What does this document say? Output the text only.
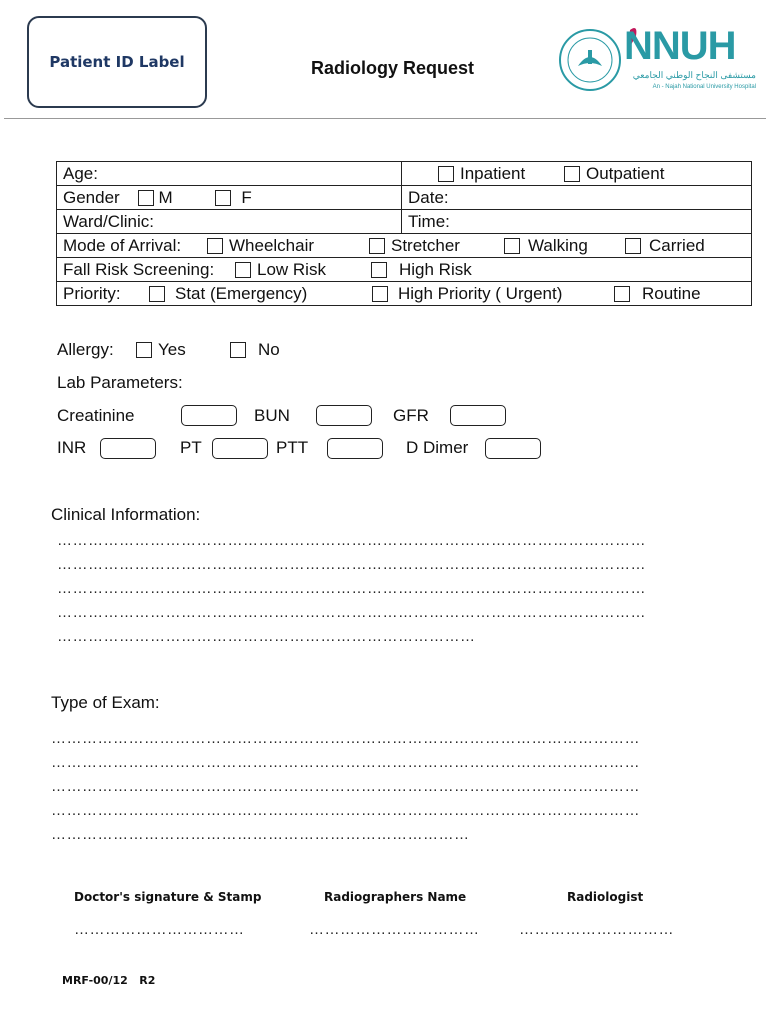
Patient ID Label	Radiology Request	NNUH
مستشفى النجاح الوطني الجامعي
An - Najah National University Hospital
Age:	Inpatient Outpatient
Gender M F	Date:
Ward/Clinic:	Time:
Mode of Arrival: Wheelchair Stretcher Walking Carried	

Fall Risk Screening: Low Risk High Risk	

Priority: Stat (Emergency) High Priority ( Urgent) Routine	
Allergy:	Yes	No
Lab Parameters:
Creatinine	BUN	GFR
INR	PT	PTT	D Dimer
Clinical Information:
……………………………………………………………………………………………………
……………………………………………………………………………………………………
……………………………………………………………………………………………………
……………………………………………………………………………………………………
………………………………………………………………………
Type of Exam:
……………………………………………………………………………………………………
……………………………………………………………………………………………………
……………………………………………………………………………………………………
……………………………………………………………………………………………………
………………………………………………………………………
Doctor's signature & Stamp	Radiographers Name	Radiologist
……………………………	……………………………	…………………………
MRF-00/12   R2
